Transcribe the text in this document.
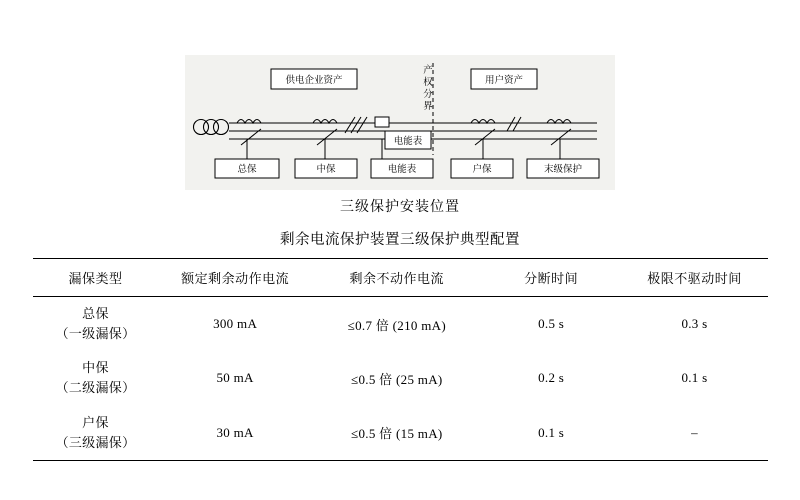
供电企业资产	用户资产
产
权
分
界
电能表
总保	中保	电能表	户保	末级保护
三级保护安装位置
剩余电流保护装置三级保护典型配置
漏保类型	额定剩余动作电流	剩余不动作电流	分断时间	极限不驱动时间
总保
（一级漏保）	300 mA	≤0.7 倍 (210 mA)	0.5 s	0.3 s
中保
（二级漏保）	50 mA	≤0.5 倍 (25 mA)	0.2 s	0.1 s
户保
（三级漏保）	30 mA	≤0.5 倍 (15 mA)	0.1 s	–
